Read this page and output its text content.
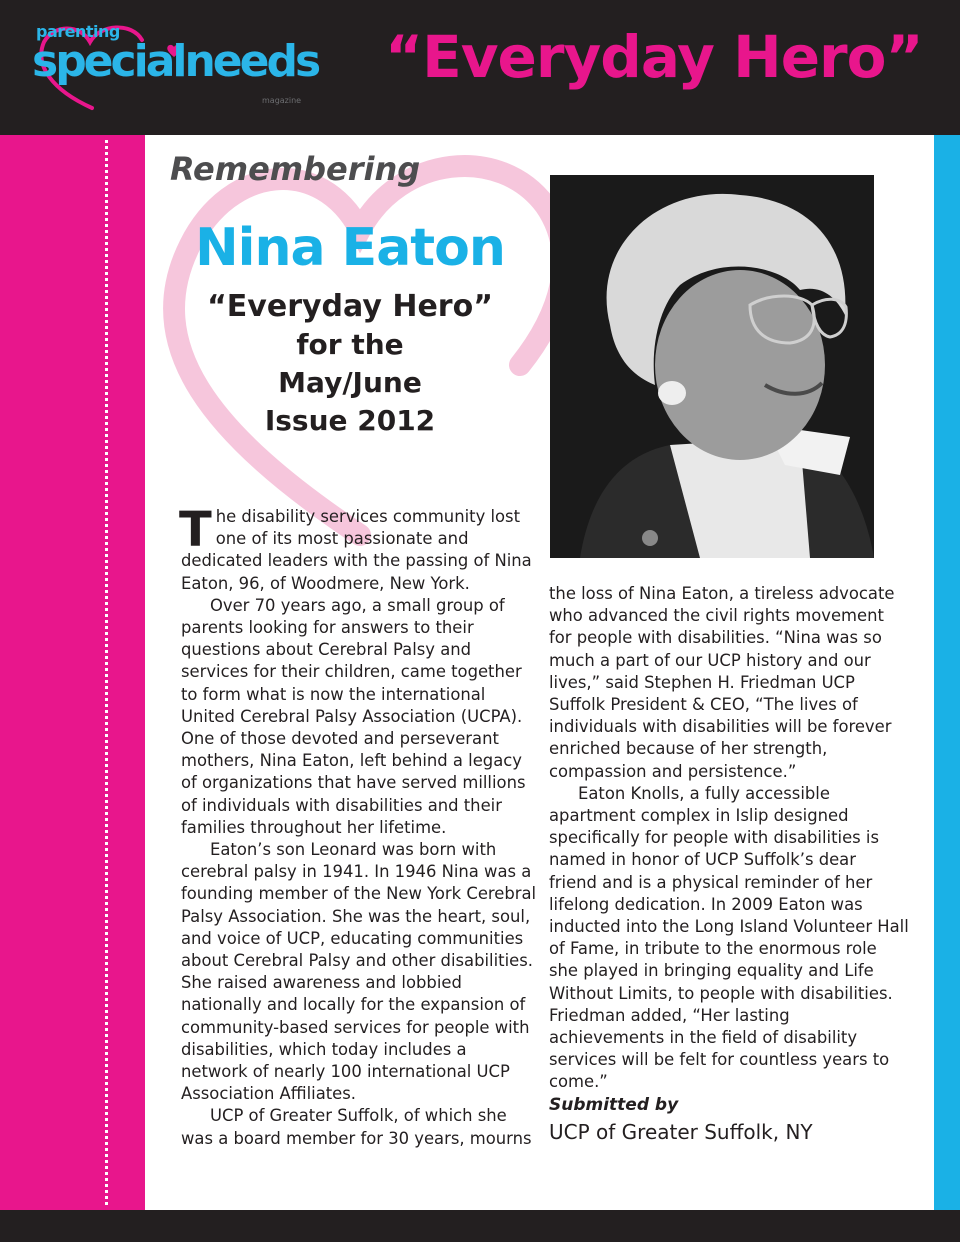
parenting
specialneeds
magazine
“Everyday Hero”
Remembering
Nina Eaton
“Everyday Hero”
for the
May/June
Issue 2012

The disability services community lost one of its most passionate and dedicated leaders with the passing of Nina Eaton, 96, of Woodmere, New York.

Over 70 years ago, a small group of parents looking for answers to their questions about Cerebral Palsy and services for their children, came together to form what is now the international United Cerebral Palsy Association (UCPA). One of those devoted and perseverant mothers, Nina Eaton, left behind a legacy of organizations that have served millions of individuals with disabilities and their families throughout her lifetime.

Eaton’s son Leonard was born with cerebral palsy in 1941. In 1946 Nina was a founding member of the New York Cerebral Palsy Association. She was the heart, soul, and voice of UCP, educating communities about Cerebral Palsy and other disabilities. She raised awareness and lobbied nationally and locally for the expansion of community-based services for people with disabilities, which today includes a network of nearly 100 international UCP Association Affiliates.

UCP of Greater Suffolk, of which she was a board member for 30 years, mourns

the loss of Nina Eaton, a tireless advocate who advanced the civil rights movement for people with disabilities. “Nina was so much a part of our UCP history and our lives,” said Stephen H. Friedman UCP Suffolk President & CEO, “The lives of individuals with disabilities will be forever enriched because of her strength, compassion and persistence.”

Eaton Knolls, a fully accessible apartment complex in Islip designed specifically for people with disabilities is named in honor of UCP Suffolk’s dear friend and is a physical reminder of her lifelong dedication. In 2009 Eaton was inducted into the Long Island Volunteer Hall of Fame, in tribute to the enormous role she played in bringing equality and Life Without Limits, to people with disabilities. Friedman added, “Her lasting achievements in the field of disability services will be felt for countless years to come.”

Submitted by
UCP of Greater Suffolk, NY
